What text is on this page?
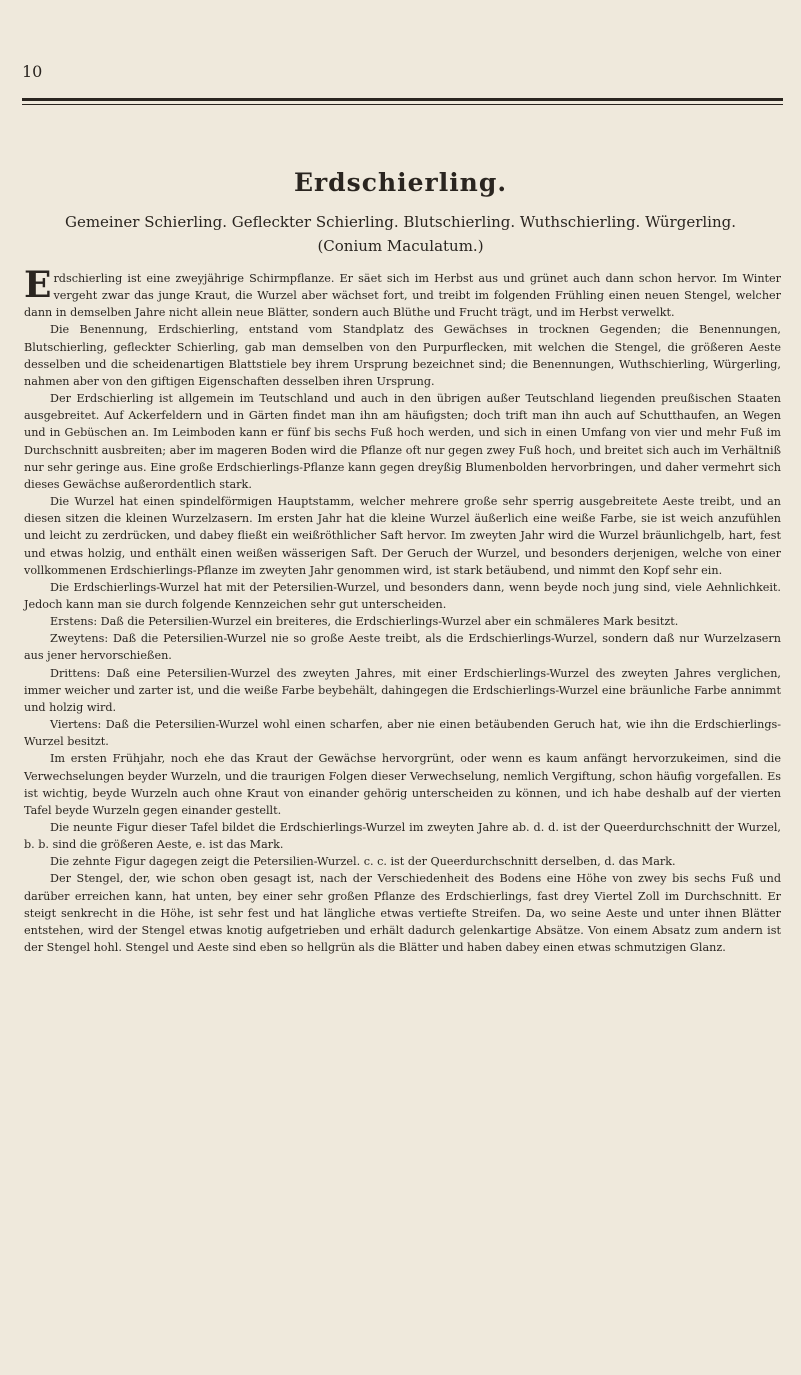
10
Erdschierling.
Gemeiner Schierling. Gefleckter Schierling. Blutschierling. Wuthschierling. Würgerling. (Conium Maculatum.)

Erdschierling ist eine zweyjährige Schirmpflanze. Er säet sich im Herbst aus und grünet auch dann schon hervor. Im Winter vergeht zwar das junge Kraut, die Wurzel aber wächset fort, und treibt im folgenden Frühling einen neuen Stengel, welcher dann in demselben Jahre nicht allein neue Blätter, sondern auch Blüthe und Frucht trägt, und im Herbst verwelkt.

Die Benennung, Erdschierling, entstand vom Standplatz des Gewächses in trocknen Gegenden; die Benennungen, Blutschierling, gefleckter Schierling, gab man demselben von den Purpurflecken, mit welchen die Stengel, die größeren Aeste desselben und die scheidenartigen Blattstiele bey ihrem Ursprung bezeichnet sind; die Benennungen, Wuthschierling, Würgerling, nahmen aber von den giftigen Eigenschaften desselben ihren Ursprung.

Der Erdschierling ist allgemein im Teutschland und auch in den übrigen außer Teutschland liegenden preußischen Staaten ausgebreitet. Auf Ackerfeldern und in Gärten findet man ihn am häufigsten; doch trift man ihn auch auf Schutthaufen, an Wegen und in Gebüschen an. Im Leimboden kann er fünf bis sechs Fuß hoch werden, und sich in einen Umfang von vier und mehr Fuß im Durchschnitt ausbreiten; aber im mageren Boden wird die Pflanze oft nur gegen zwey Fuß hoch, und breitet sich auch im Verhältniß nur sehr geringe aus. Eine große Erdschierlings-Pflanze kann gegen dreyßig Blumenbolden hervorbringen, und daher vermehrt sich dieses Gewächse außerordentlich stark.

Die Wurzel hat einen spindelförmigen Hauptstamm, welcher mehrere große sehr sperrig ausgebreitete Aeste treibt, und an diesen sitzen die kleinen Wurzelzasern. Im ersten Jahr hat die kleine Wurzel äußerlich eine weiße Farbe, sie ist weich anzufühlen und leicht zu zerdrücken, und dabey fließt ein weißröthlicher Saft hervor. Im zweyten Jahr wird die Wurzel bräunlichgelb, hart, fest und etwas holzig, und enthält einen weißen wässerigen Saft. Der Geruch der Wurzel, und besonders derjenigen, welche von einer vollkommenen Erdschierlings-Pflanze im zweyten Jahr genommen wird, ist stark betäubend, und nimmt den Kopf sehr ein.

Die Erdschierlings-Wurzel hat mit der Petersilien-Wurzel, und besonders dann, wenn beyde noch jung sind, viele Aehnlichkeit. Jedoch kann man sie durch folgende Kennzeichen sehr gut unterscheiden.

Erstens: Daß die Petersilien-Wurzel ein breiteres, die Erdschierlings-Wurzel aber ein schmäleres Mark besitzt.

Zweytens: Daß die Petersilien-Wurzel nie so große Aeste treibt, als die Erdschierlings-Wurzel, sondern daß nur Wurzelzasern aus jener hervorschießen.

Drittens: Daß eine Petersilien-Wurzel des zweyten Jahres, mit einer Erdschierlings-Wurzel des zweyten Jahres verglichen, immer weicher und zarter ist, und die weiße Farbe beybehält, dahingegen die Erdschierlings-Wurzel eine bräunliche Farbe annimmt und holzig wird.

Viertens: Daß die Petersilien-Wurzel wohl einen scharfen, aber nie einen betäubenden Geruch hat, wie ihn die Erdschierlings-Wurzel besitzt.

Im ersten Frühjahr, noch ehe das Kraut der Gewächse hervorgrünt, oder wenn es kaum anfängt hervorzukeimen, sind die Verwechselungen beyder Wurzeln, und die traurigen Folgen dieser Verwechselung, nemlich Vergiftung, schon häufig vorgefallen. Es ist wichtig, beyde Wurzeln auch ohne Kraut von einander gehörig unterscheiden zu können, und ich habe deshalb auf der vierten Tafel beyde Wurzeln gegen einander gestellt.

Die neunte Figur dieser Tafel bildet die Erdschierlings-Wurzel im zweyten Jahre ab. d. d. ist der Queerdurchschnitt der Wurzel, b. b. sind die größeren Aeste, e. ist das Mark.

Die zehnte Figur dagegen zeigt die Petersilien-Wurzel. c. c. ist der Queerdurchschnitt derselben, d. das Mark.

Der Stengel, der, wie schon oben gesagt ist, nach der Verschiedenheit des Bodens eine Höhe von zwey bis sechs Fuß und darüber erreichen kann, hat unten, bey einer sehr großen Pflanze des Erdschierlings, fast drey Viertel Zoll im Durchschnitt. Er steigt senkrecht in die Höhe, ist sehr fest und hat längliche etwas vertiefte Streifen. Da, wo seine Aeste und unter ihnen Blätter entstehen, wird der Stengel etwas knotig aufgetrieben und erhält dadurch gelenkartige Absätze. Von einem Absatz zum andern ist der Stengel hohl. Stengel und Aeste sind eben so hellgrün als die Blätter und haben dabey einen etwas schmutzigen Glanz.
